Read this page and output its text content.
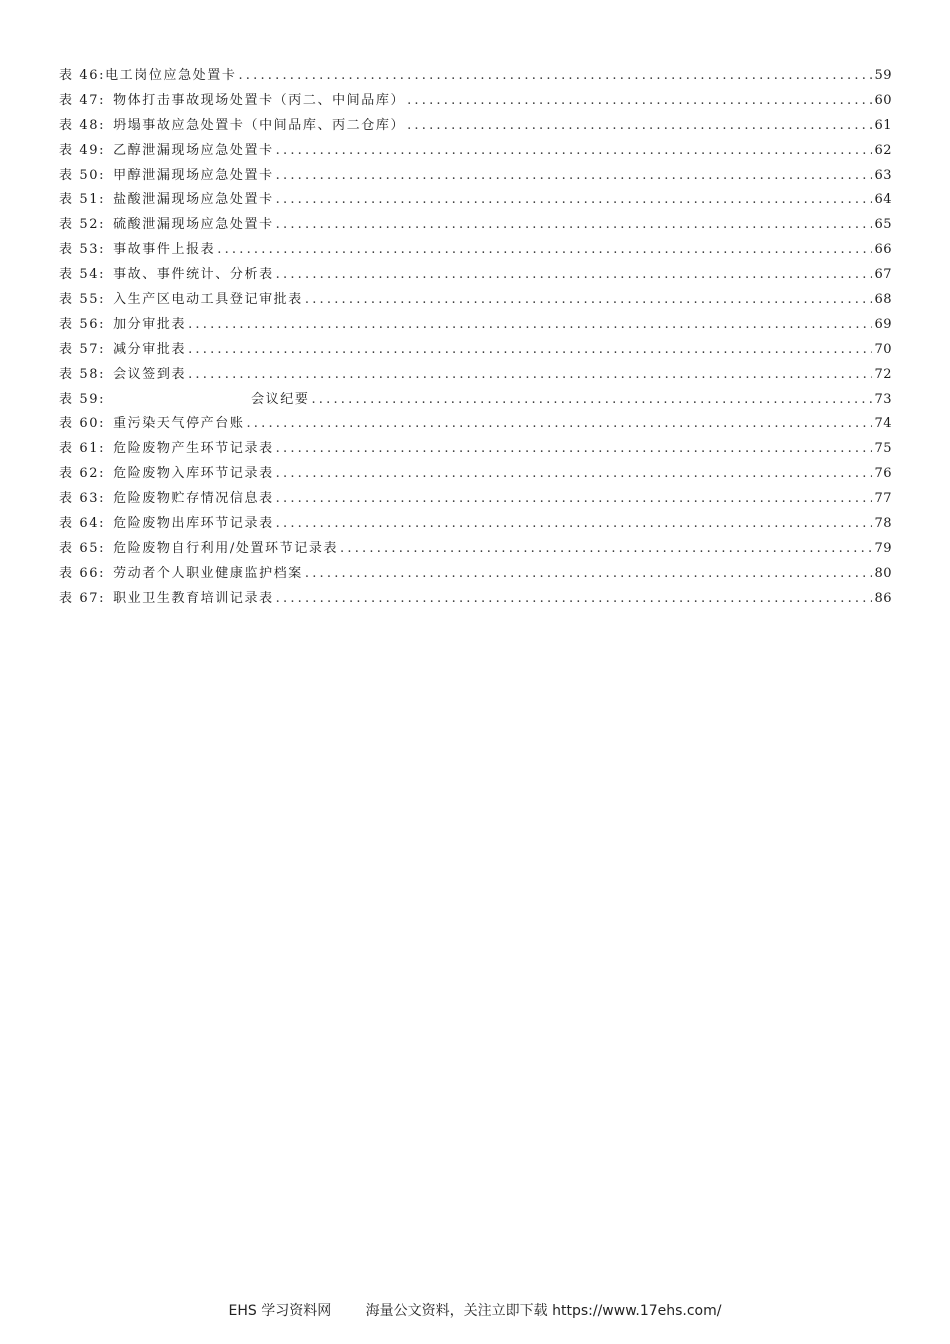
表 46: 电工岗位应急处置卡 .....	59
表 47: 物体打击事故现场处置卡（丙二、中间品库） .....	60
表 48: 坍塌事故应急处置卡（中间品库、丙二仓库） .....	61
表 49: 乙醇泄漏现场应急处置卡 .....	62
表 50: 甲醇泄漏现场应急处置卡 .....	63
表 51: 盐酸泄漏现场应急处置卡 .....	64
表 52: 硫酸泄漏现场应急处置卡 .....	65
表 53: 事故事件上报表 .....	66
表 54: 事故、事件统计、分析表 .....	67
表 55: 入生产区电动工具登记审批表 .....	68
表 56: 加分审批表 .....	69
表 57: 减分审批表 .....	70
表 58: 会议签到表 .....	72
表 59:	会议纪要 .....	73
表 60: 重污染天气停产台账 .....	74
表 61: 危险废物产生环节记录表 .....	75
表 62: 危险废物入库环节记录表 .....	76
表 63: 危险废物贮存情况信息表 .....	77
表 64: 危险废物出库环节记录表 .....	78
表 65: 危险废物自行利用/处置环节记录表 .....	79
表 66: 劳动者个人职业健康监护档案 .....	80
表 67: 职业卫生教育培训记录表 .....	86
EHS 学习资料网 海量公文资料，关注立即下载 https://www.17ehs.com/
